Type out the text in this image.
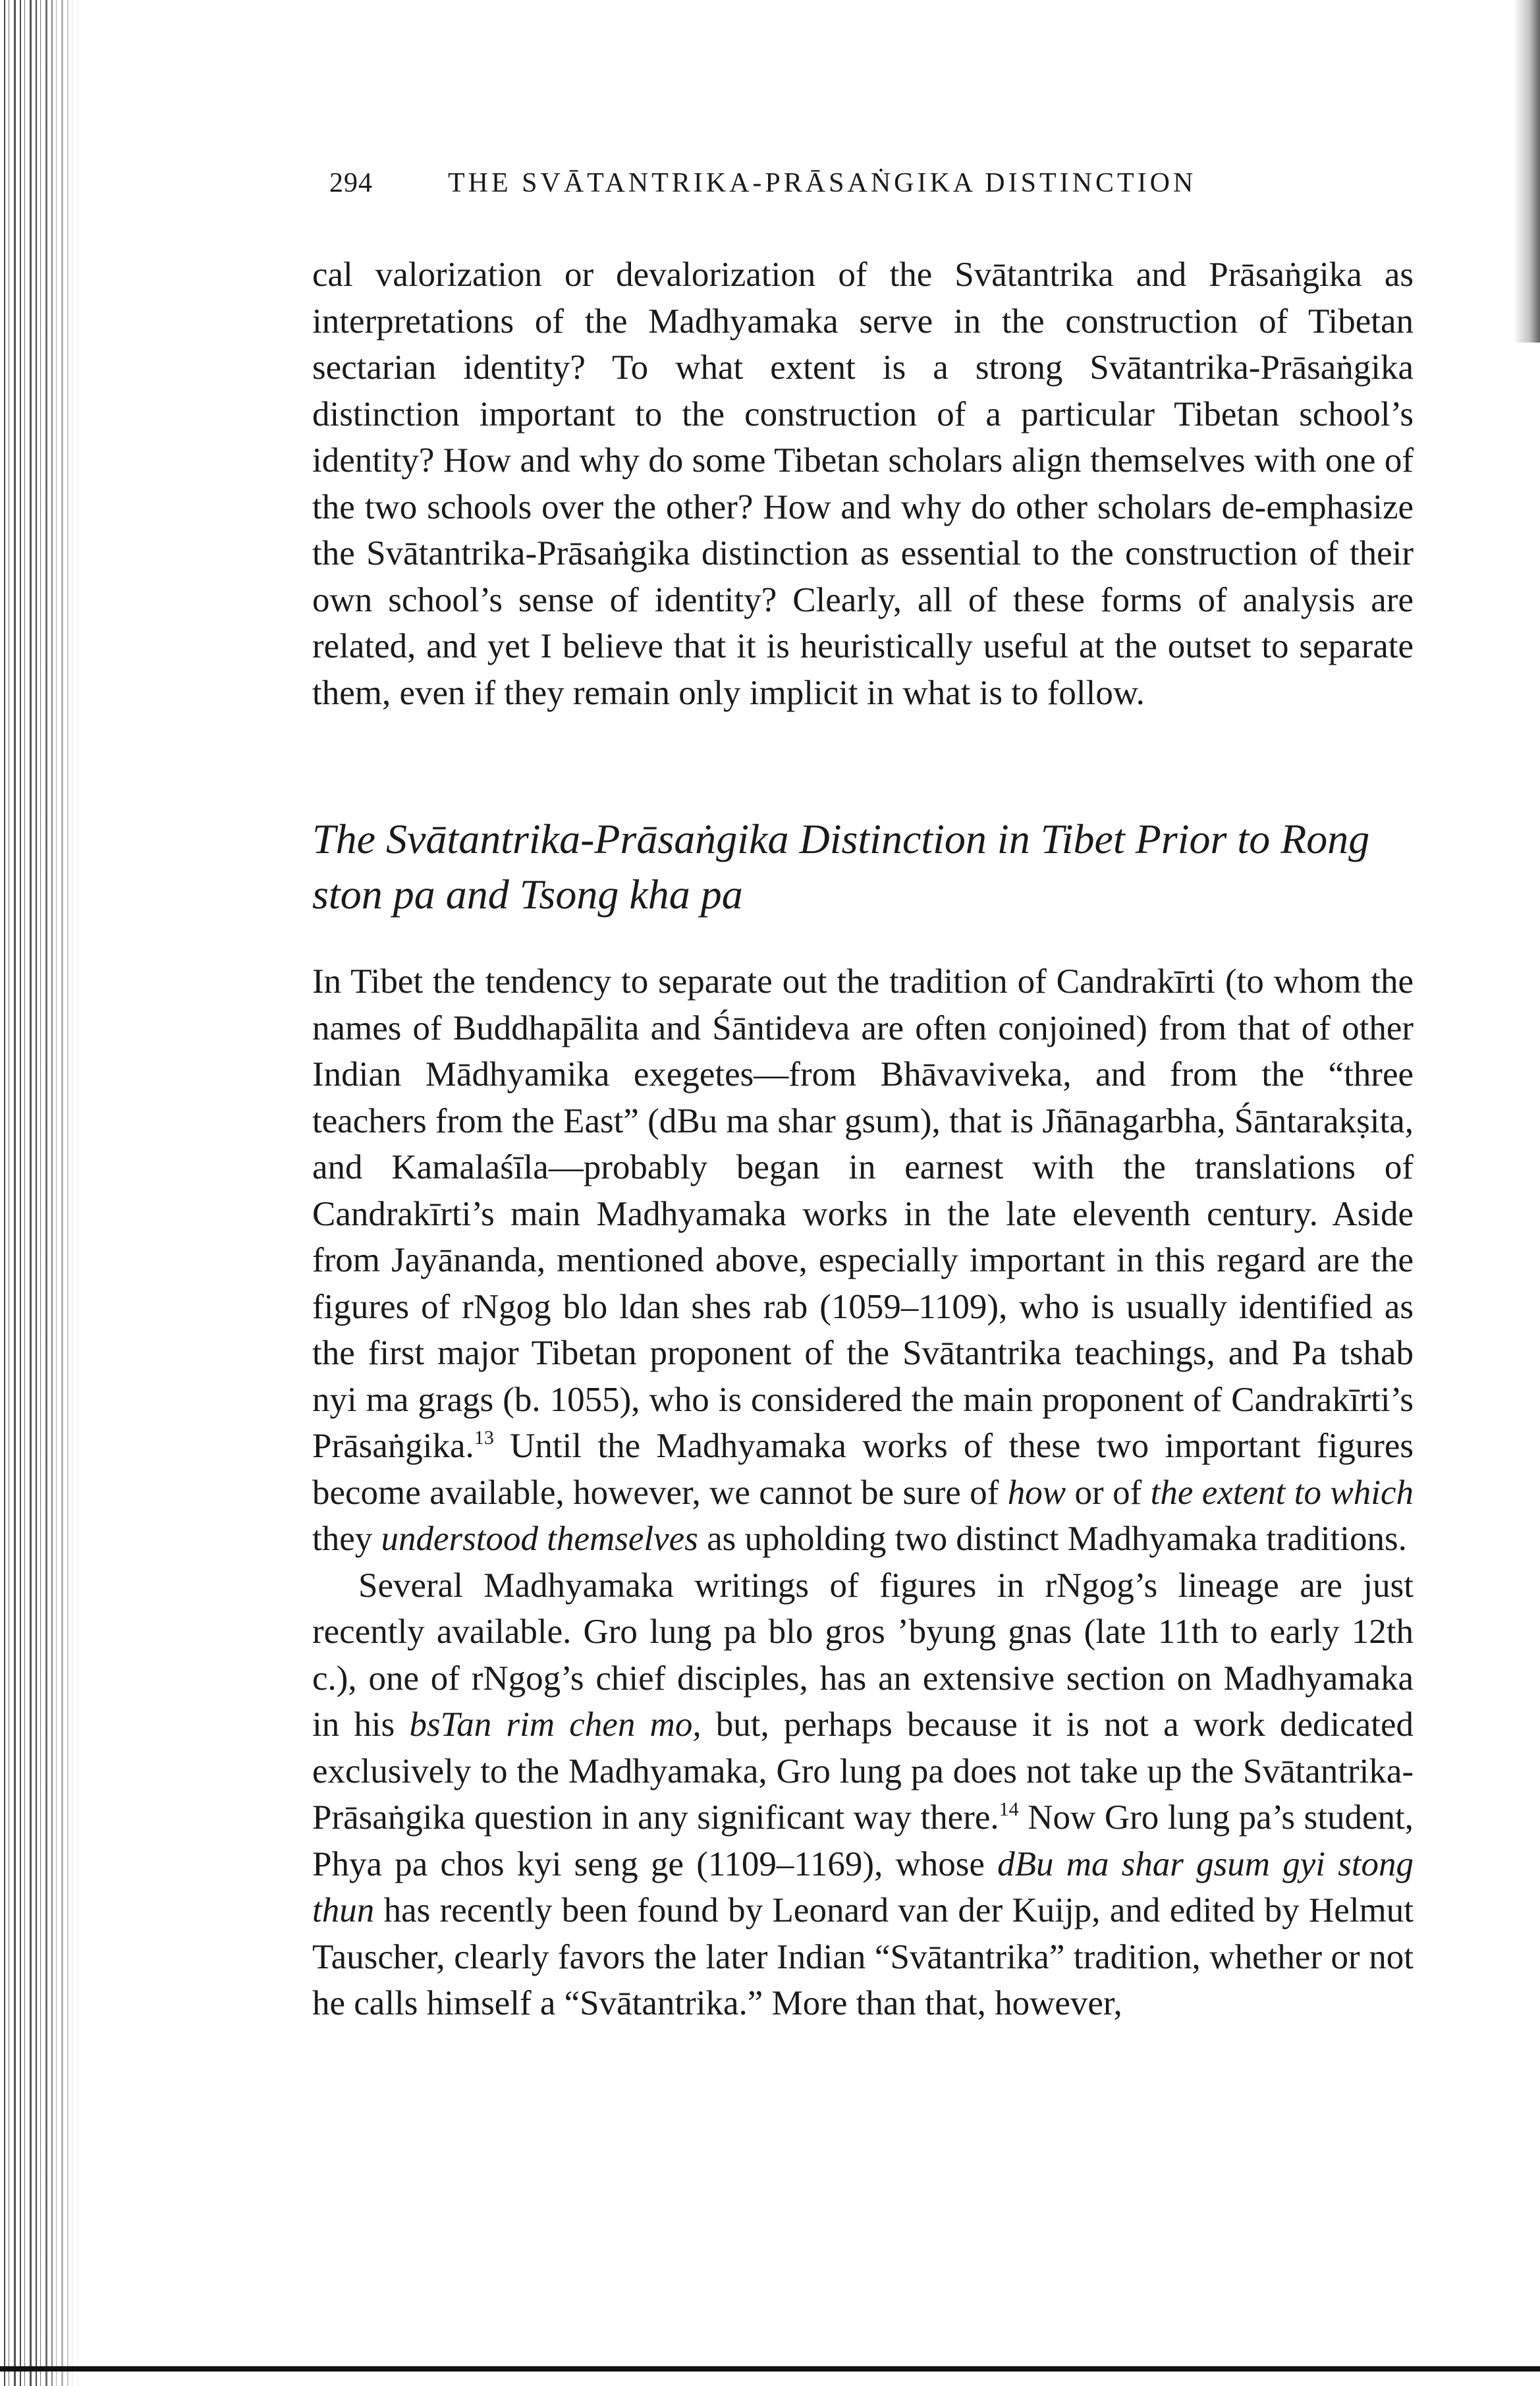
294	THE SVĀTANTRIKA-PRĀSAṄGIKA DISTINCTION

cal valorization or devalorization of the Svātantrika and Prāsaṅgika as interpretations of the Madhyamaka serve in the construction of Tibetan sectarian identity? To what extent is a strong Svātantrika-Prāsaṅgika distinction important to the construction of a particular Tibetan school’s identity? How and why do some Tibetan scholars align themselves with one of the two schools over the other? How and why do other scholars de-emphasize the Svātantrika-Prāsaṅgika distinction as essential to the construction of their own school’s sense of identity? Clearly, all of these forms of analysis are related, and yet I believe that it is heuristically useful at the outset to separate them, even if they remain only implicit in what is to follow.

The Svātantrika-Prāsaṅgika Distinction in Tibet Prior to Rong ston pa and Tsong kha pa

In Tibet the tendency to separate out the tradition of Candrakīrti (to whom the names of Buddhapālita and Śāntideva are often conjoined) from that of other Indian Mādhyamika exegetes—from Bhāvaviveka, and from the “three teachers from the East” (dBu ma shar gsum), that is Jñānagarbha, Śāntarakṣita, and Kamalaśīla—probably began in earnest with the translations of Candrakīrti’s main Madhyamaka works in the late eleventh century. Aside from Jayānanda, mentioned above, especially important in this regard are the figures of rNgog blo ldan shes rab (1059–1109), who is usually identified as the first major Tibetan proponent of the Svātantrika teachings, and Pa tshab nyi ma grags (b. 1055), who is considered the main proponent of Candrakīrti’s Prāsaṅgika.$^{13}$ Until the Madhyamaka works of these two important figures become available, however, we cannot be sure of how or of the extent to which they understood themselves as upholding two distinct Madhyamaka traditions.

Several Madhyamaka writings of figures in rNgog’s lineage are just recently available. Gro lung pa blo gros ’byung gnas (late 11th to early 12th c.), one of rNgog’s chief disciples, has an extensive section on Madhyamaka in his bsTan rim chen mo, but, perhaps because it is not a work dedicated exclusively to the Madhyamaka, Gro lung pa does not take up the Svātantrika-Prāsaṅgika question in any significant way there.$^{14}$ Now Gro lung pa’s student, Phya pa chos kyi seng ge (1109–1169), whose dBu ma shar gsum gyi stong thun has recently been found by Leonard van der Kuijp, and edited by Helmut Tauscher, clearly favors the later Indian “Svātantrika” tradition, whether or not he calls himself a “Svātantrika.” More than that, however,
